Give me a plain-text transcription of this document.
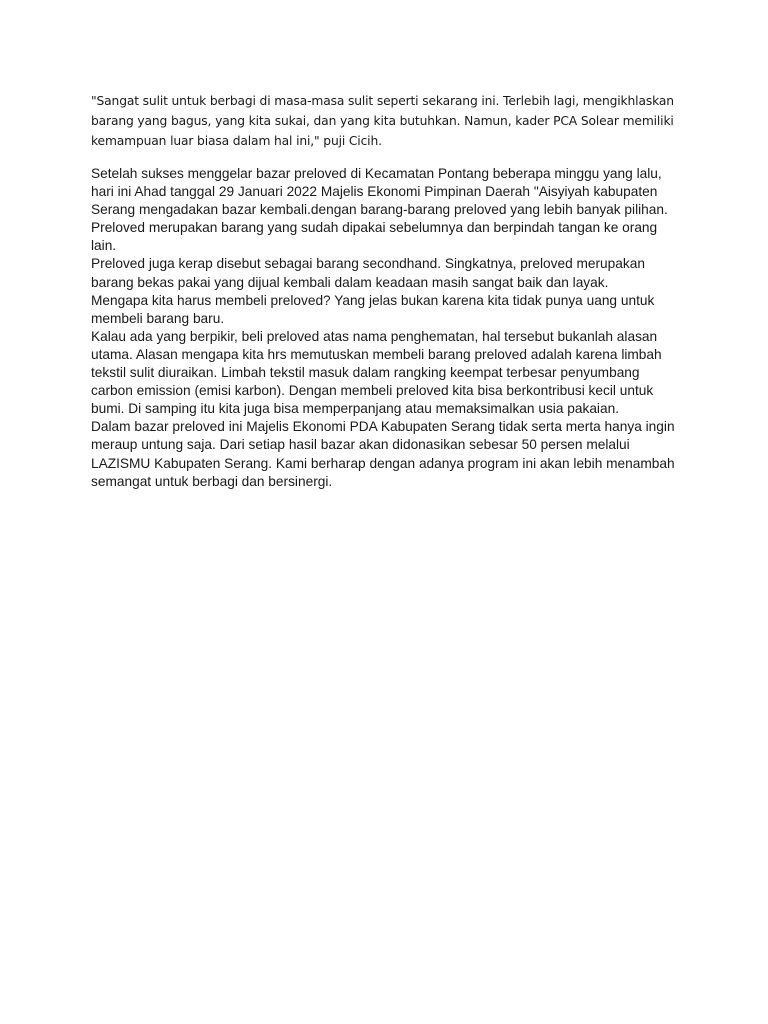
"Sangat sulit untuk berbagi di masa-masa sulit seperti sekarang ini. Terlebih lagi, mengikhlaskan barang yang bagus, yang kita sukai, dan yang kita butuhkan. Namun, kader PCA Solear memiliki kemampuan luar biasa dalam hal ini," puji Cicih.

Setelah sukses menggelar bazar preloved di Kecamatan Pontang beberapa minggu yang lalu, hari ini Ahad tanggal 29 Januari 2022 Majelis Ekonomi Pimpinan Daerah "Aisyiyah kabupaten Serang mengadakan bazar kembali.dengan barang-barang preloved yang lebih banyak pilihan.

Preloved merupakan barang yang sudah dipakai sebelumnya dan berpindah tangan ke orang lain.

Preloved juga kerap disebut sebagai barang secondhand. Singkatnya, preloved merupakan barang bekas pakai yang dijual kembali dalam keadaan masih sangat baik dan layak.

Mengapa kita harus membeli preloved? Yang jelas bukan karena kita tidak punya uang untuk membeli barang baru.

Kalau ada yang berpikir, beli preloved atas nama penghematan, hal tersebut bukanlah alasan utama. Alasan mengapa kita hrs memutuskan membeli barang preloved adalah karena limbah tekstil sulit diuraikan. Limbah tekstil masuk dalam rangking keempat terbesar penyumbang carbon emission (emisi karbon). Dengan membeli preloved kita bisa berkontribusi kecil untuk bumi. Di samping itu kita juga bisa memperpanjang atau memaksimalkan usia pakaian.

Dalam bazar preloved ini Majelis Ekonomi PDA Kabupaten Serang tidak serta merta hanya ingin meraup untung saja. Dari setiap hasil bazar akan didonasikan sebesar 50 persen melalui LAZISMU Kabupaten Serang. Kami berharap dengan adanya program ini akan lebih menambah semangat untuk berbagi dan bersinergi.
